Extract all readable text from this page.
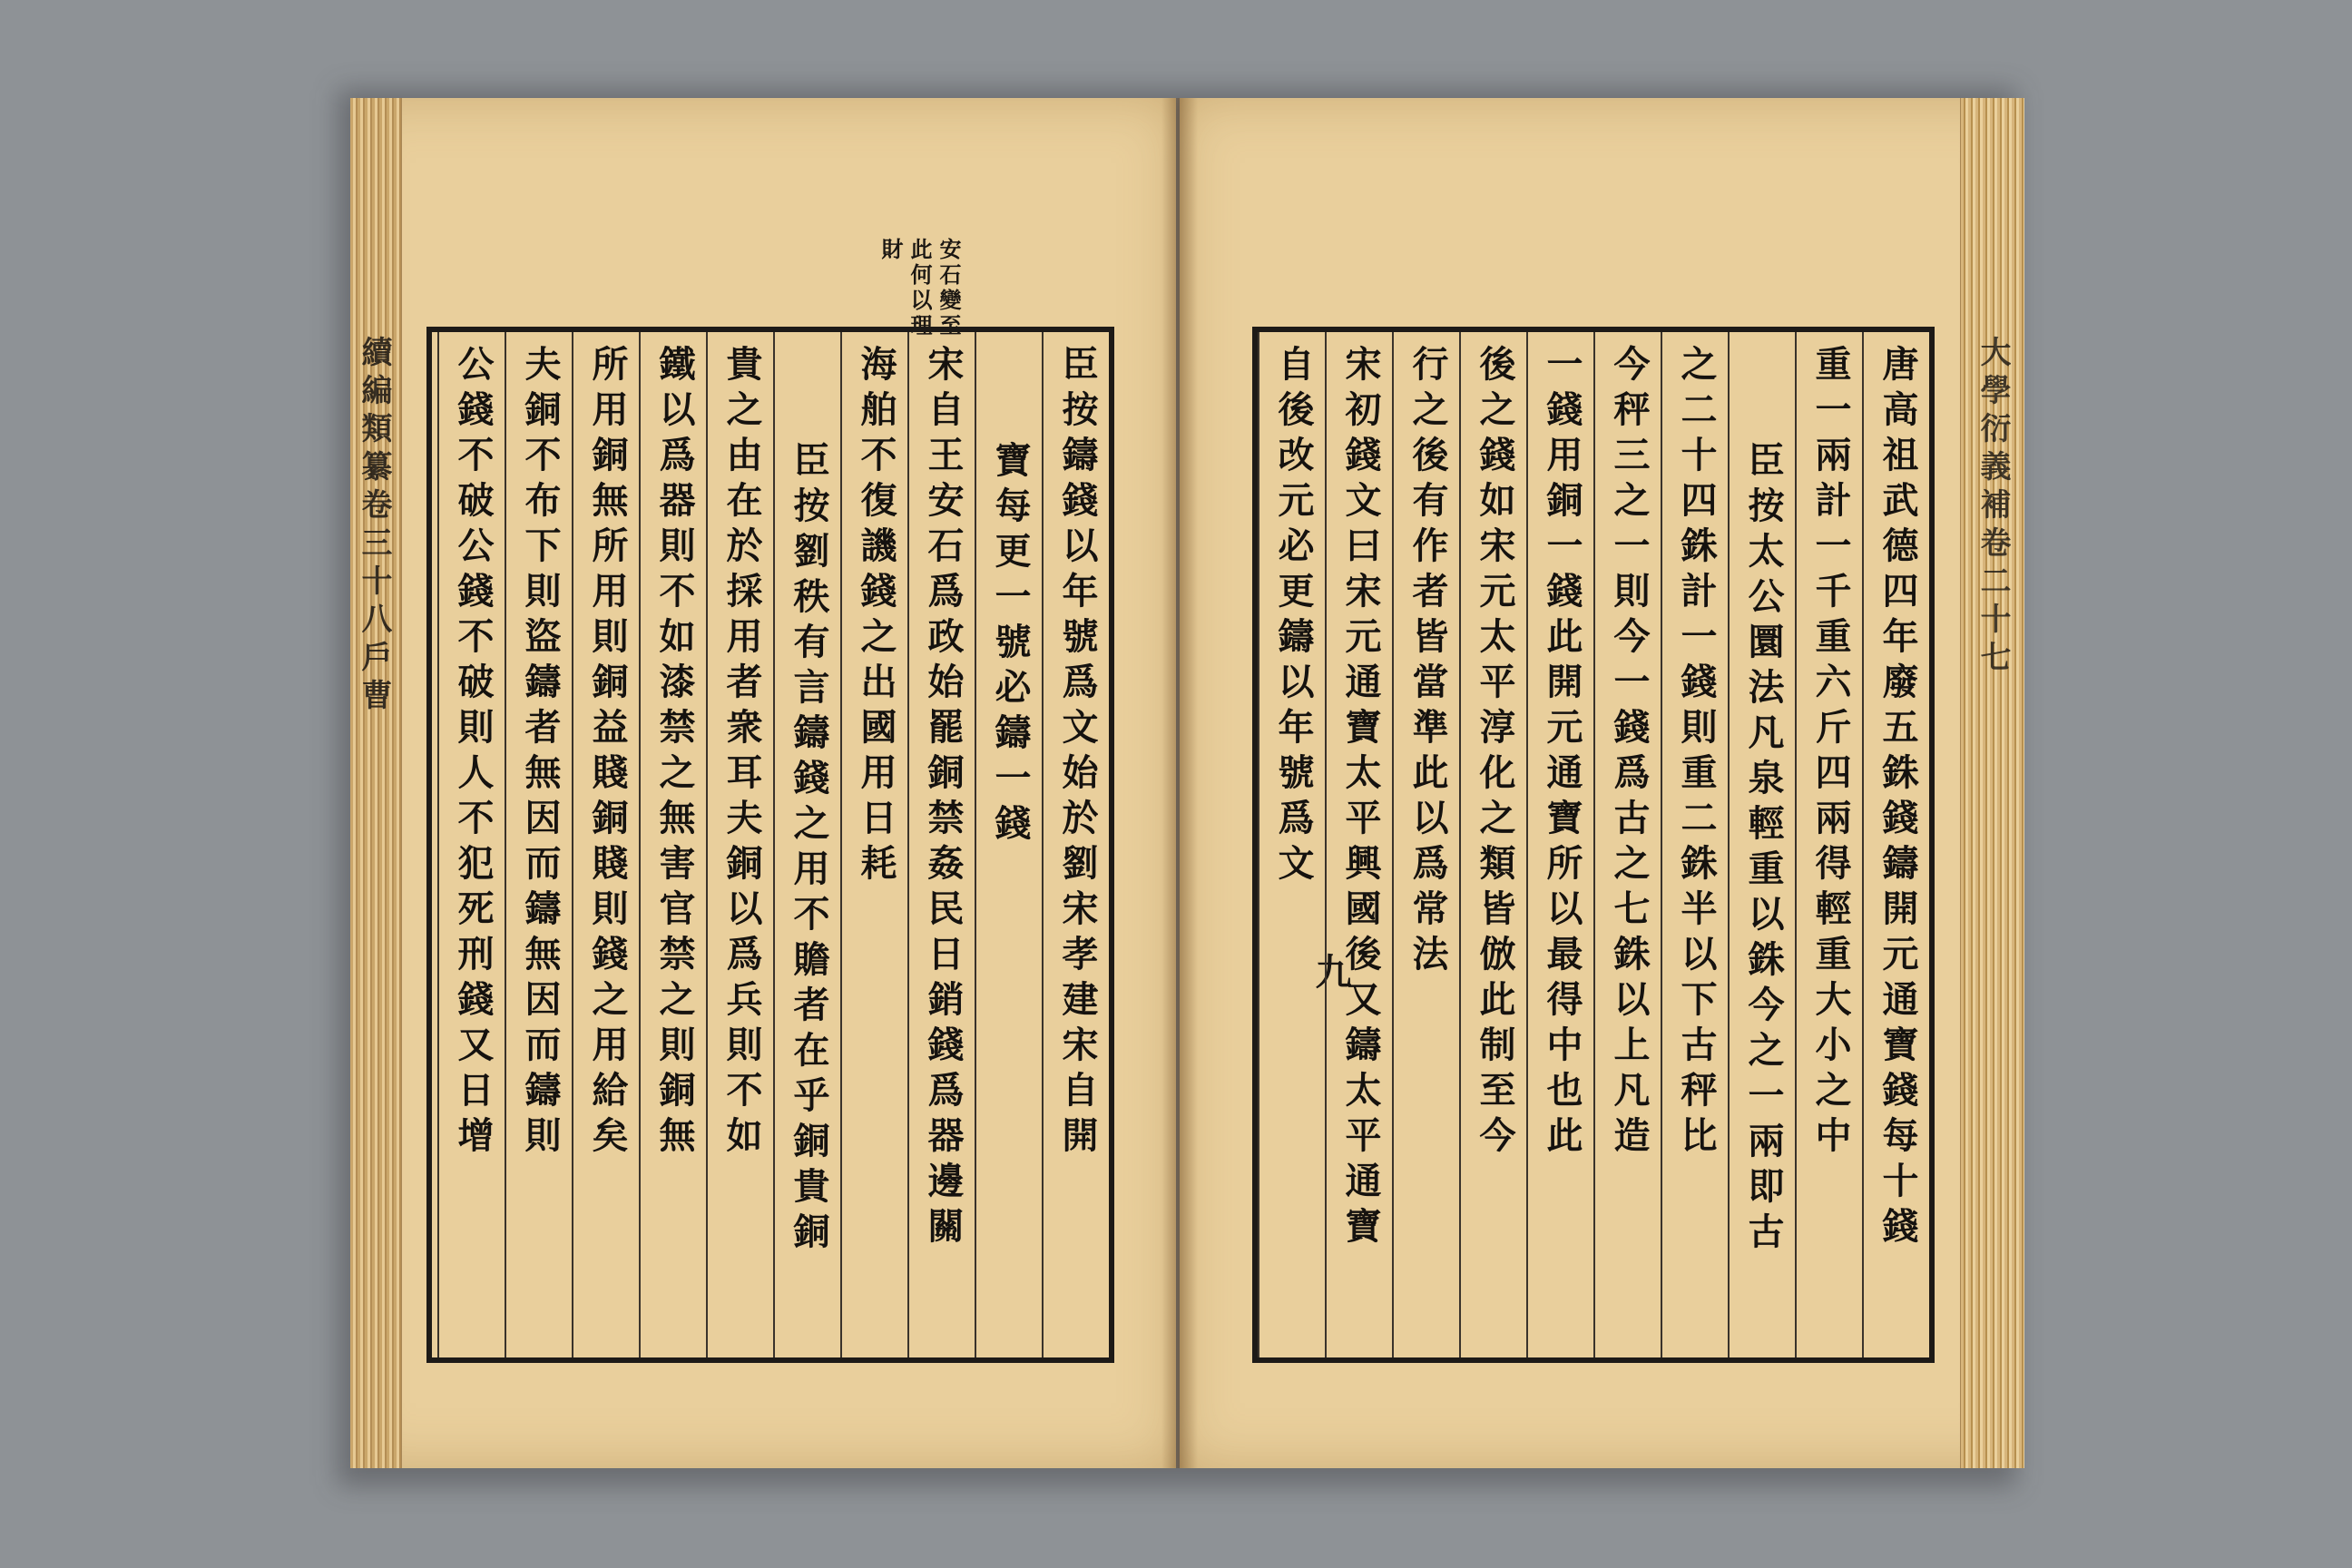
續編類纂卷三十八戶曹
九
大學衍義補卷二十七
安石變至
此何以理
財
臣按鑄錢以年號爲文始於劉宋孝建宋自開
寶每更一號必鑄一錢
宋自王安石爲政始罷銅禁姦民日銷錢爲器邊關
海舶不復譏錢之出國用日耗
臣按劉秩有言鑄錢之用不贍者在乎銅貴銅
貴之由在於採用者衆耳夫銅以爲兵則不如
鐵以爲器則不如漆禁之無害官禁之則銅無
所用銅無所用則銅益賤銅賤則錢之用給矣
夫銅不布下則盜鑄者無因而鑄無因而鑄則
公錢不破公錢不破則人不犯死刑錢又日增	唐高祖武德四年廢五銖錢鑄開元通寶錢每十錢
重一兩計一千重六斤四兩得輕重大小之中
臣按太公圜法凡泉輕重以銖今之一兩即古
之二十四銖計一錢則重二銖半以下古秤比
今秤三之一則今一錢爲古之七銖以上凡造
一錢用銅一錢此開元通寶所以最得中也此
後之錢如宋元太平淳化之類皆倣此制至今
行之後有作者皆當準此以爲常法
宋初錢文曰宋元通寶太平興國後又鑄太平通寶
自後改元必更鑄以年號爲文
